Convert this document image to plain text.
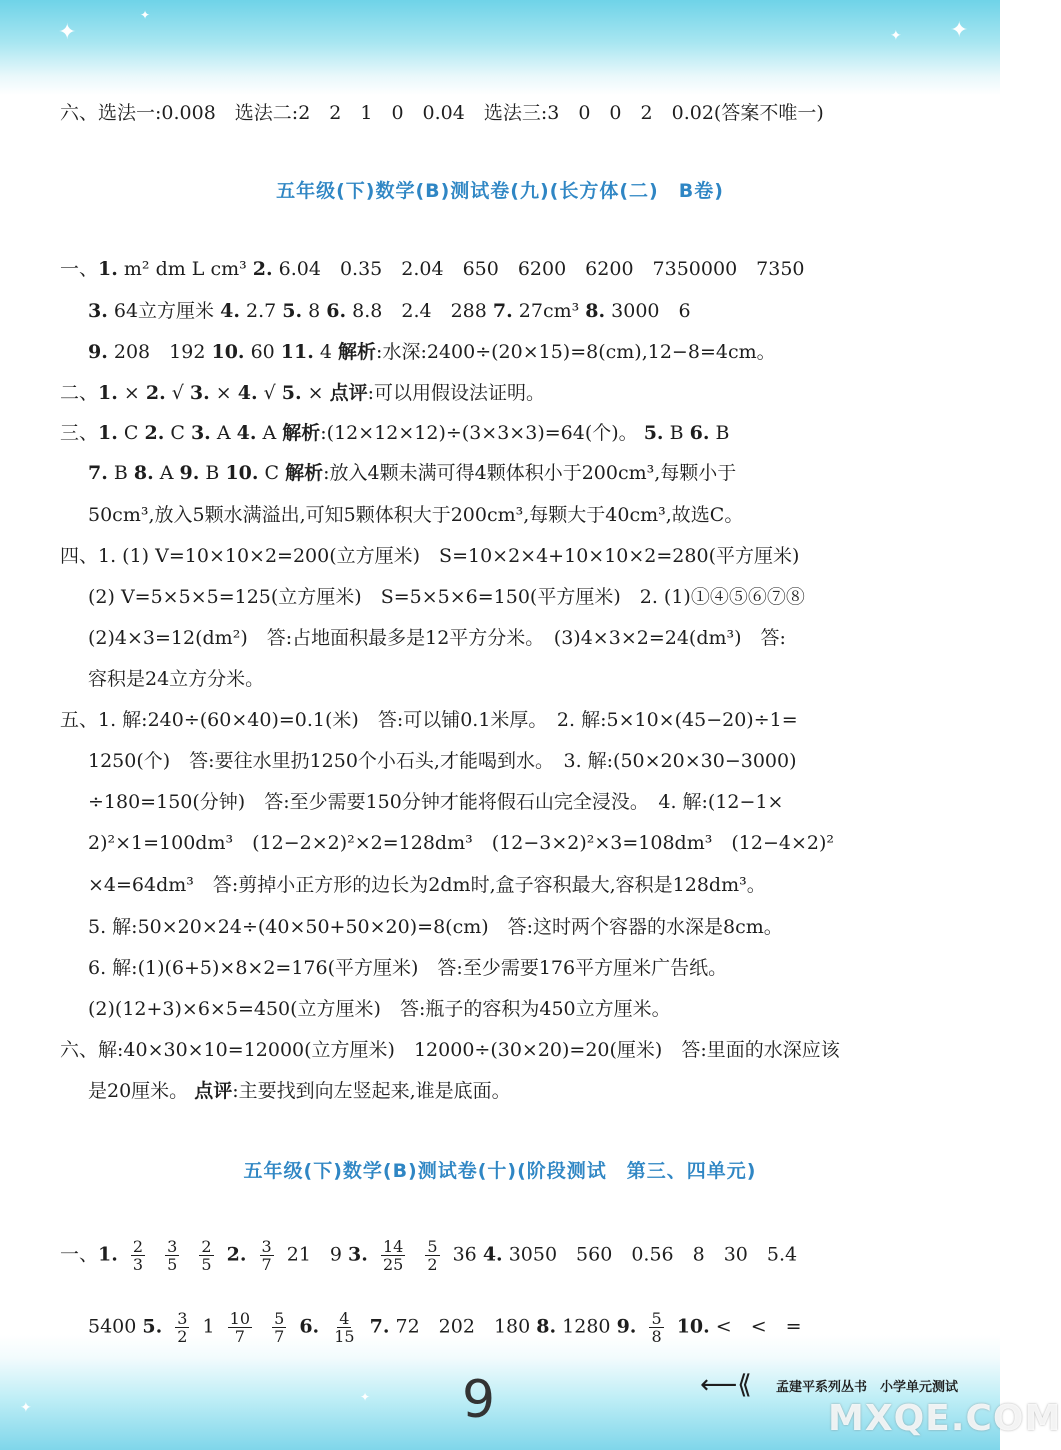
✦
✦
✦ ✦
✦
✦
六、选法一:0.008　选法二:2　2　1　0　0.04　选法三:3　0　0　2　0.02(答案不唯一)
五年级(下)数学(B)测试卷(九)(长方体(二)　B卷)
一、1. m² dm L cm³ 2. 6.04　0.35　2.04　650　6200　6200　7350000　7350
3. 64立方厘米 4. 2.7 5. 8 6. 8.8　2.4　288 7. 27cm³ 8. 3000　6
9. 208　192 10. 60 11. 4 解析:水深:2400÷(20×15)=8(cm),12−8=4cm。
二、1. × 2. √ 3. × 4. √ 5. × 点评:可以用假设法证明。
三、1. C 2. C 3. A 4. A 解析:(12×12×12)÷(3×3×3)=64(个)。 5. B 6. B
7. B 8. A 9. B 10. C 解析:放入4颗未满可得4颗体积小于200cm³,每颗小于
50cm³,放入5颗水满溢出,可知5颗体积大于200cm³,每颗大于40cm³,故选C。
四、1. (1) V=10×10×2=200(立方厘米)　S=10×2×4+10×10×2=280(平方厘米)
(2) V=5×5×5=125(立方厘米)　S=5×5×6=150(平方厘米)　2. (1)①④⑤⑥⑦⑧
(2)4×3=12(dm²)　答:占地面积最多是12平方分米。　(3)4×3×2=24(dm³)　答:
容积是24立方分米。
五、1. 解:240÷(60×40)=0.1(米)　答:可以铺0.1米厚。　2. 解:5×10×(45−20)÷1=
1250(个)　答:要往水里扔1250个小石头,才能喝到水。　3. 解:(50×20×30−3000)
÷180=150(分钟)　答:至少需要150分钟才能将假石山完全浸没。　4. 解:(12−1×
2)²×1=100dm³　(12−2×2)²×2=128dm³　(12−3×2)²×3=108dm³　(12−4×2)²
×4=64dm³　答:剪掉小正方形的边长为2dm时,盒子容积最大,容积是128dm³。
5. 解:50×20×24÷(40×50+50×20)=8(cm)　答:这时两个容器的水深是8cm。
6. 解:(1)(6+5)×8×2=176(平方厘米)　答:至少需要176平方厘米广告纸。
(2)(12+3)×6×5=450(立方厘米)　答:瓶子的容积为450立方厘米。
六、解:40×30×10=12000(立方厘米)　12000÷(30×20)=20(厘米)　答:里面的水深应该
是20厘米。 点评:主要找到向左竖起来,谁是底面。
五年级(下)数学(B)测试卷(十)(阶段测试　第三、四单元)
一、1. $\frac{2}{3}$
$\frac{3}{5}$
$\frac{2}{5} 2$. $\frac{3}{7} 21$　9 3. $\frac{14}{25}$
$\frac{5}{2} 36$ 4. 3050　560　0.56　8　30　5.4
5400 5. $\frac{3}{2} 1 \frac{10}{7}$
$\frac{5}{7} 6$. $\frac{4}{15} 7$. 72　202　180 8. 1280 9. $\frac{5}{8} 10$. <　<　=
9	⟵⟪ 孟建平系列丛书　小学单元测试
MXQE.COM
